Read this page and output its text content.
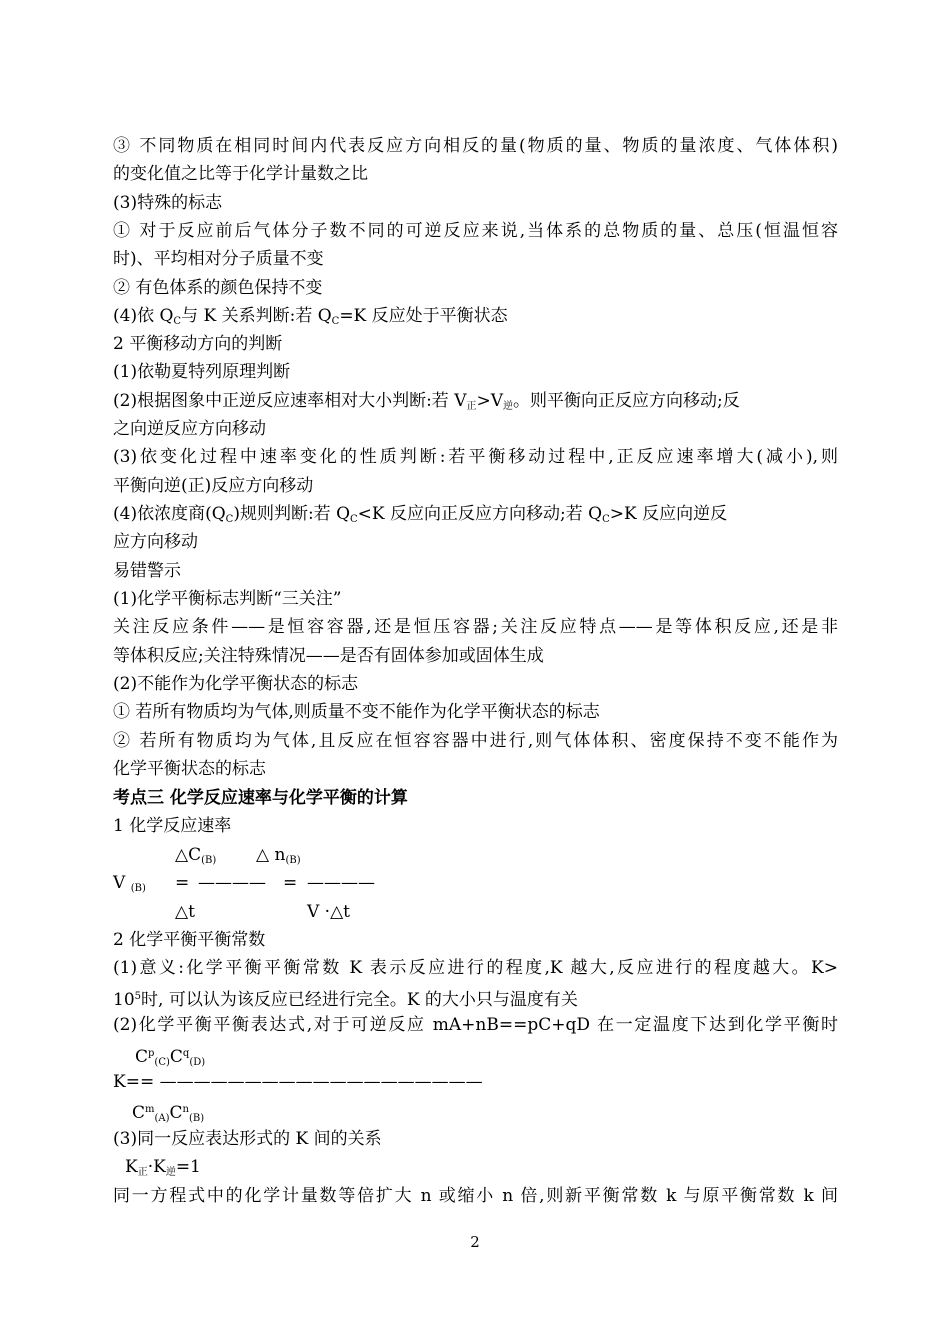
③ 不同物质在相同时间内代表反应方向相反的量(物质的量、物质的量浓度、气体体积)
的变化值之比等于化学计量数之比
(3)特殊的标志
① 对于反应前后气体分子数不同的可逆反应来说,当体系的总物质的量、总压(恒温恒容
时)、平均相对分子质量不变
② 有色体系的颜色保持不变
(4)依 $Q_C$与 K 关系判断:若 $Q_C=K$ 反应处于平衡状态
2 平衡移动方向的判断
(1)依勒夏特列原理判断
(2)根据图象中正逆反应速率相对大小判断:若 $V_正>V_逆$。则平衡向正反应方向移动;反
之向逆反应方向移动
(3)依变化过程中速率变化的性质判断:若平衡移动过程中,正反应速率增大(减小),则
平衡向逆(正)反应方向移动
(4)依浓度商$(Q_C)$规则判断:若 $Q_C<K$ 反应向正反应方向移动;若 $Q_C>K$ 反应向逆反
应方向移动
易错警示
(1)化学平衡标志判断“三关注”
关注反应条件——是恒容容器,还是恒压容器;关注反应特点——是等体积反应,还是非
等体积反应;关注特殊情况——是否有固体参加或固体生成
(2)不能作为化学平衡状态的标志
① 若所有物质均为气体,则质量不变不能作为化学平衡状态的标志
② 若所有物质均为气体,且反应在恒容容器中进行,则气体体积、密度保持不变不能作为
化学平衡状态的标志
考点三 化学反应速率与化学平衡的计算
1 化学反应速率
$\triangle C_{(B)}$ △ $n_{(B)}$
V $_{(B)}$ = ———— = ————
△t	V ·△t
2 化学平衡平衡常数
(1)意义:化学平衡平衡常数 K 表示反应进行的程度,K 越大,反应进行的程度越大。K>
$10^5$时, 可以认为该反应已经进行完全。K 的大小只与温度有关
(2)化学平衡平衡表达式,对于可逆反应 mA+nB==pC+qD 在一定温度下达到化学平衡时
$C^p_{(C)}C^q_{(D)}$
K== ———————————————————
$C^m_{(A)}C^n_{(B)}$
(3)同一反应表达形式的 K 间的关系
$K_正\cdot K_逆=1$
同一方程式中的化学计量数等倍扩大 n 或缩小 n 倍,则新平衡常数 k 与原平衡常数 k 间
2
